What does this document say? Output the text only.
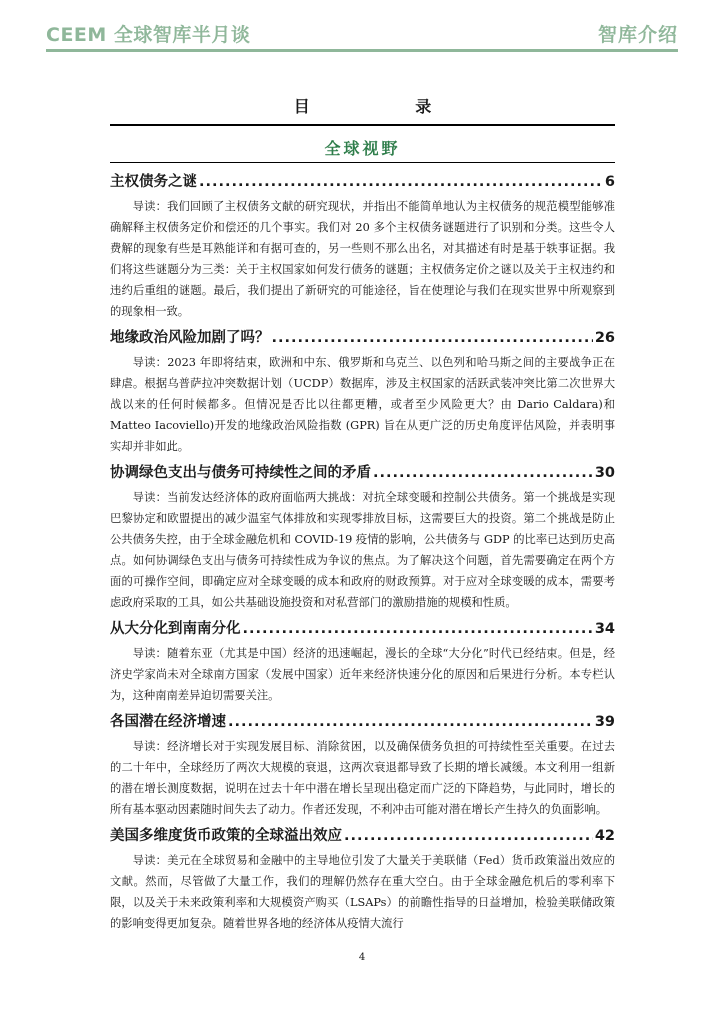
CEEM 全球智库半月谈	智库介绍
目 录
全球视野
主权债务之谜 .....	6
导读：我们回顾了主权债务文献的研究现状，并指出不能简单地认为主权债务的规范模型能够准确解释主权债务定价和偿还的几个事实。我们对 20 多个主权债务谜题进行了识别和分类。这些令人费解的现象有些是耳熟能详和有据可查的，另一些则不那么出名，对其描述有时是基于轶事证据。我们将这些谜题分为三类：关于主权国家如何发行债务的谜题；主权债务定价之谜以及关于主权违约和违约后重组的谜题。最后，我们提出了新研究的可能途径，旨在使理论与我们在现实世界中所观察到的现象相一致。
地缘政治风险加剧了吗？ .....	26
导读：2023 年即将结束，欧洲和中东、俄罗斯和乌克兰、以色列和哈马斯之间的主要战争正在肆虐。根据乌普萨拉冲突数据计划（UCDP）数据库，涉及主权国家的活跃武装冲突比第二次世界大战以来的任何时候都多。但情况是否比以往都更糟，或者至少风险更大？由 Dario Caldara)和 Matteo Iacoviello)开发的地缘政治风险指数 (GPR) 旨在从更广泛的历史角度评估风险，并表明事实却并非如此。
协调绿色支出与债务可持续性之间的矛盾 .....	30
导读：当前发达经济体的政府面临两大挑战：对抗全球变暖和控制公共债务。第一个挑战是实现巴黎协定和欧盟提出的减少温室气体排放和实现零排放目标，这需要巨大的投资。第二个挑战是防止公共债务失控，由于全球金融危机和 COVID-19 疫情的影响，公共债务与 GDP 的比率已达到历史高点。如何协调绿色支出与债务可持续性成为争议的焦点。为了解决这个问题，首先需要确定在两个方面的可操作空间，即确定应对全球变暖的成本和政府的财政预算。对于应对全球变暖的成本，需要考虑政府采取的工具，如公共基础设施投资和对私营部门的激励措施的规模和性质。
从大分化到南南分化 .....	34
导读：随着东亚（尤其是中国）经济的迅速崛起，漫长的全球“大分化”时代已经结束。但是，经济史学家尚未对全球南方国家（发展中国家）近年来经济快速分化的原因和后果进行分析。本专栏认为，这种南南差异迫切需要关注。
各国潜在经济增速 .....	39
导读：经济增长对于实现发展目标、消除贫困，以及确保债务负担的可持续性至关重要。在过去的二十年中，全球经历了两次大规模的衰退，这两次衰退都导致了长期的增长减缓。本文利用一组新的潜在增长测度数据，说明在过去十年中潜在增长呈现出稳定而广泛的下降趋势，与此同时，增长的所有基本驱动因素随时间失去了动力。作者还发现，不利冲击可能对潜在增长产生持久的负面影响。
美国多维度货币政策的全球溢出效应 .....	42
导读：美元在全球贸易和金融中的主导地位引发了大量关于美联储（Fed）货币政策溢出效应的文献。然而，尽管做了大量工作，我们的理解仍然存在重大空白。由于全球金融危机后的零利率下限，以及关于未来政策利率和大规模资产购买（LSAPs）的前瞻性指导的日益增加，检验美联储政策的影响变得更加复杂。随着世界各地的经济体从疫情大流行
4
